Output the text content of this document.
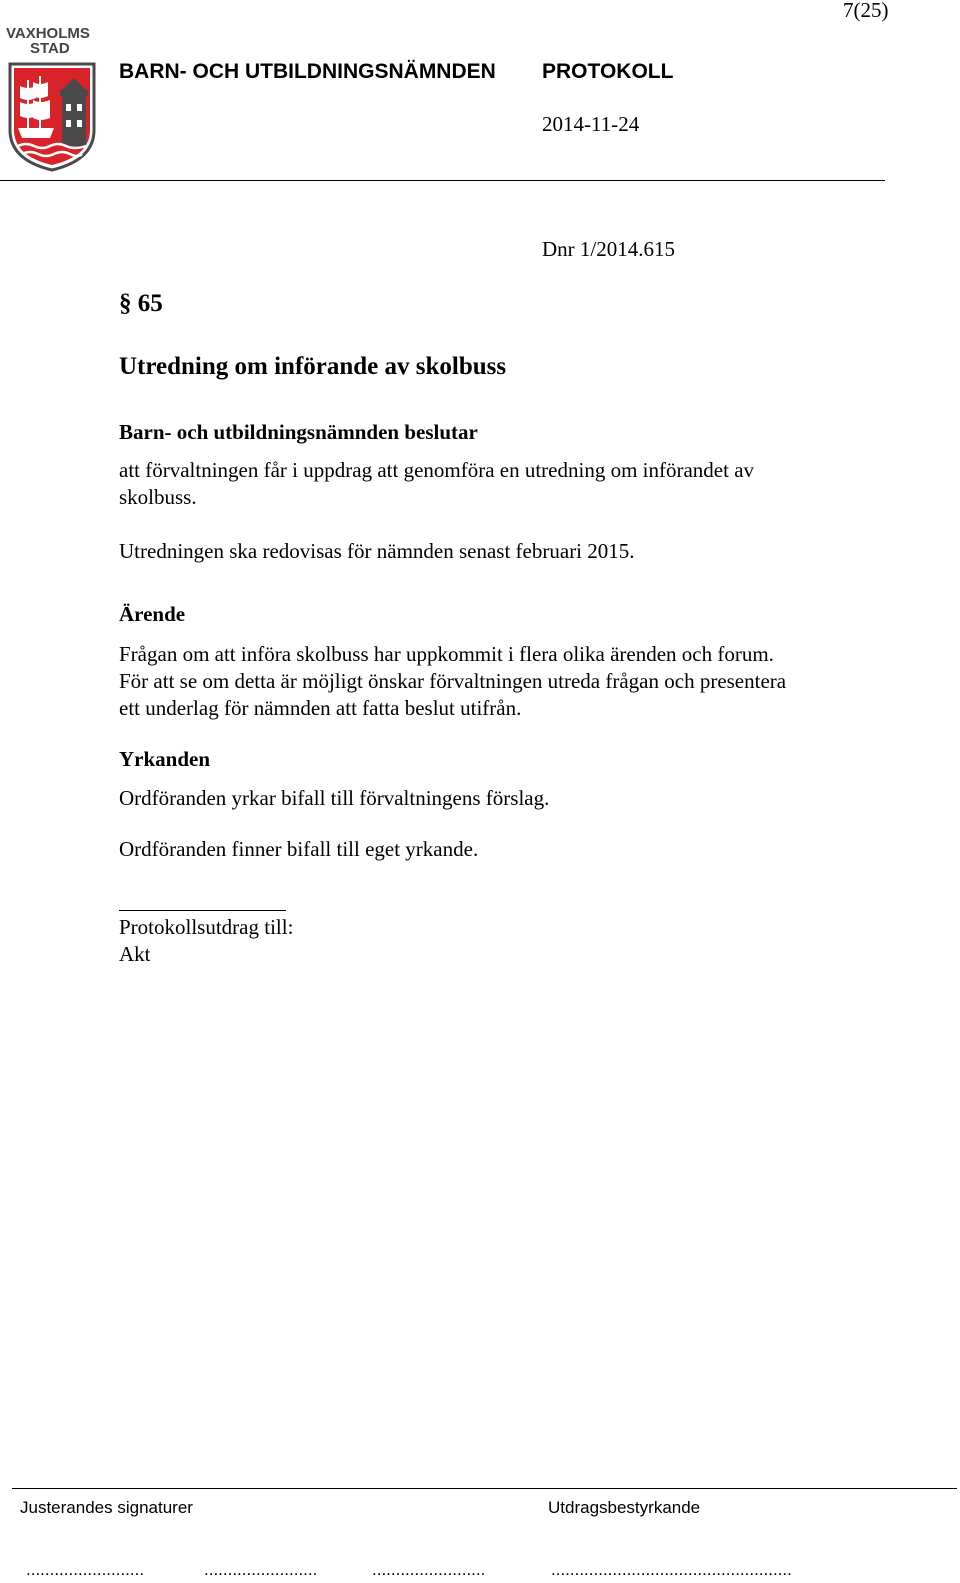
7(25)
VAXHOLMS
STAD
BARN- OCH UTBILDNINGSNÄMNDEN PROTOKOLL
2014-11-24
Dnr 1/2014.615
§ 65
Utredning om införande av skolbuss
Barn- och utbildningsnämnden beslutar
att förvaltningen får i uppdrag att genomföra en utredning om införandet av
skolbuss.
Utredningen ska redovisas för nämnden senast februari 2015.
Ärende
Frågan om att införa skolbuss har uppkommit i flera olika ärenden och forum.
För att se om detta är möjligt önskar förvaltningen utreda frågan och presentera
ett underlag för nämnden att fatta beslut utifrån.
Yrkanden
Ordföranden yrkar bifall till förvaltningens förslag.
Ordföranden finner bifall till eget yrkande.
Protokollsutdrag till:
Akt
Justerandes signaturer	Utdragsbestyrkande
.........................	........................	........................	...................................................
